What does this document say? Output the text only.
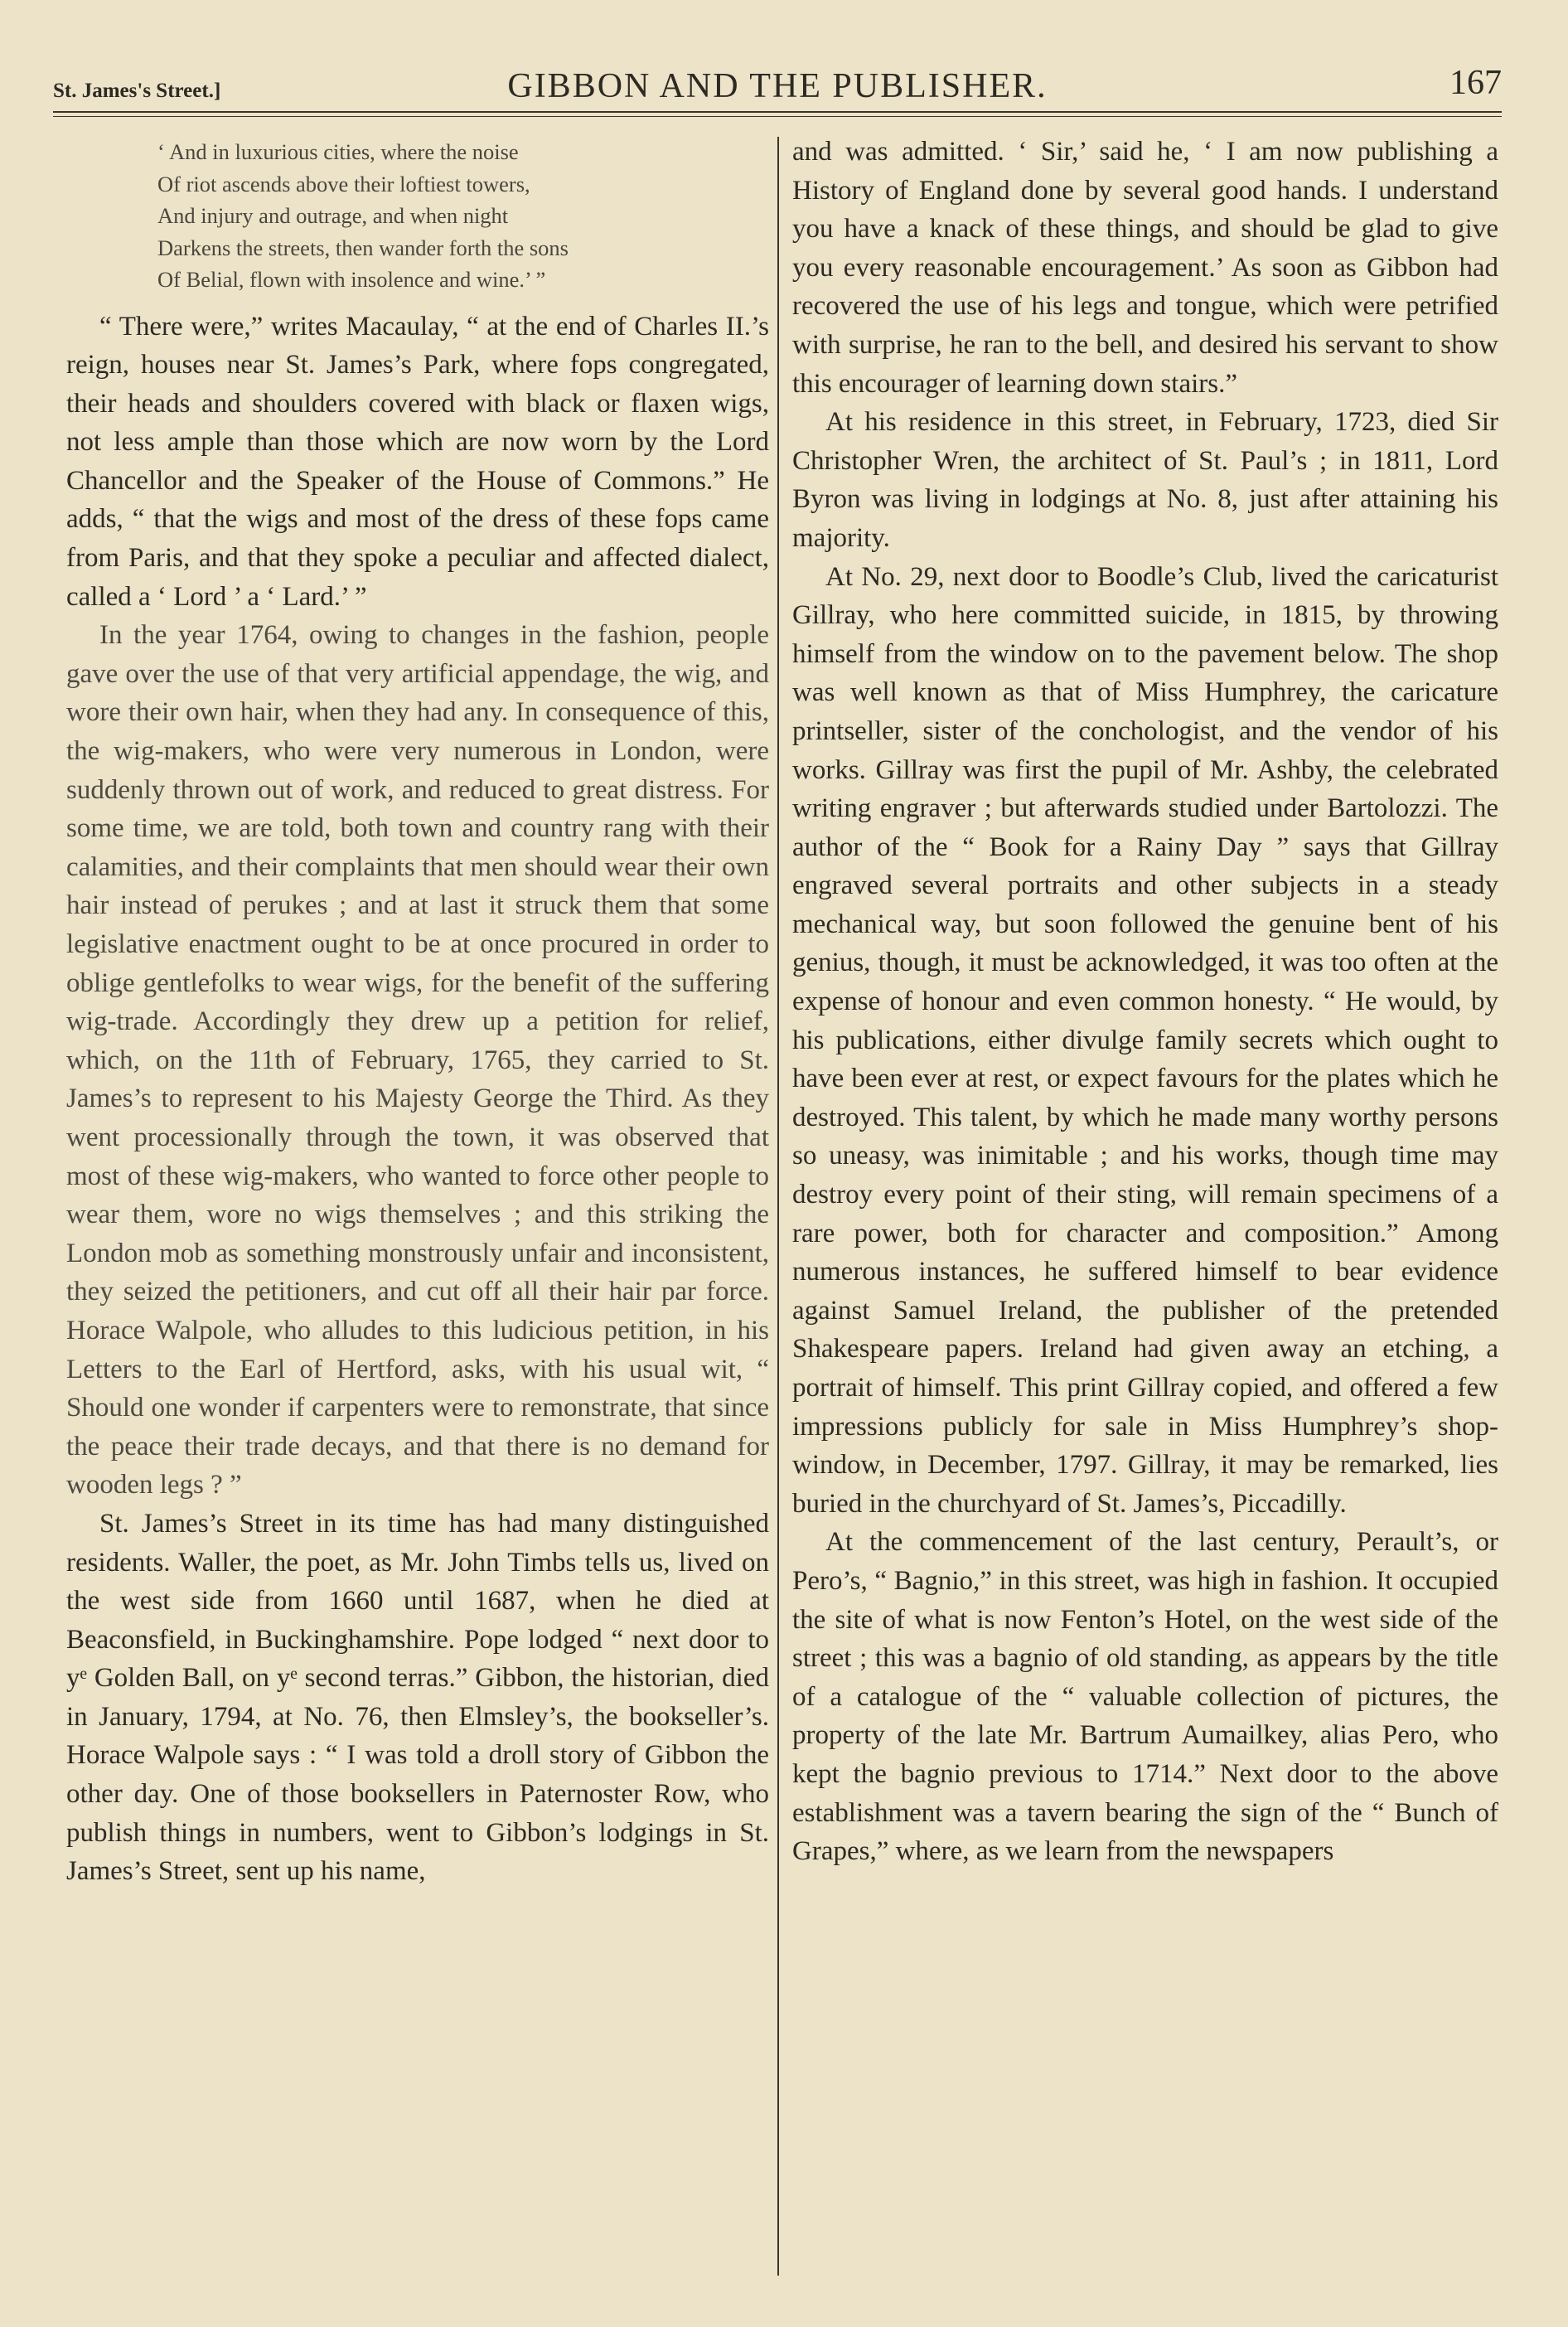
St. James's Street.]	GIBBON AND THE PUBLISHER.	167
‘ And in luxurious cities, where the noise
Of riot ascends above their loftiest towers,
And injury and outrage, and when night
Darkens the streets, then wander forth the sons
Of Belial, flown with insolence and wine.’ ”

“ There were,” writes Macaulay, “ at the end of Charles II.’s reign, houses near St. James’s Park, where fops congregated, their heads and shoulders covered with black or flaxen wigs, not less ample than those which are now worn by the Lord Chancellor and the Speaker of the House of Commons.” He adds, “ that the wigs and most of the dress of these fops came from Paris, and that they spoke a peculiar and affected dialect, called a ‘ Lord ’ a ‘ Lard.’ ”

In the year 1764, owing to changes in the fashion, people gave over the use of that very artificial appendage, the wig, and wore their own hair, when they had any. In consequence of this, the wig-makers, who were very numerous in London, were suddenly thrown out of work, and reduced to great distress. For some time, we are told, both town and country rang with their calamities, and their complaints that men should wear their own hair instead of perukes ; and at last it struck them that some legislative enactment ought to be at once procured in order to oblige gentlefolks to wear wigs, for the benefit of the suffering wig-trade. Accordingly they drew up a petition for relief, which, on the 11th of February, 1765, they carried to St. James’s to represent to his Majesty George the Third. As they went processionally through the town, it was observed that most of these wig-makers, who wanted to force other people to wear them, wore no wigs themselves ; and this striking the London mob as something monstrously unfair and inconsistent, they seized the petitioners, and cut off all their hair par force. Horace Walpole, who alludes to this ludicious petition, in his Letters to the Earl of Hertford, asks, with his usual wit, “ Should one wonder if carpenters were to remonstrate, that since the peace their trade decays, and that there is no demand for wooden legs ? ”

St. James’s Street in its time has had many distinguished residents. Waller, the poet, as Mr. John Timbs tells us, lived on the west side from 1660 until 1687, when he died at Beaconsfield, in Buckinghamshire. Pope lodged “ next door to yᵉ Golden Ball, on yᵉ second terras.” Gibbon, the historian, died in January, 1794, at No. 76, then Elmsley’s, the bookseller’s. Horace Walpole says : “ I was told a droll story of Gibbon the other day. One of those booksellers in Paternoster Row, who publish things in numbers, went to Gibbon’s lodgings in St. James’s Street, sent up his name,

and was admitted. ‘ Sir,’ said he, ‘ I am now publishing a History of England done by several good hands. I understand you have a knack of these things, and should be glad to give you every reasonable encouragement.’ As soon as Gibbon had recovered the use of his legs and tongue, which were petrified with surprise, he ran to the bell, and desired his servant to show this encourager of learning down stairs.”

At his residence in this street, in February, 1723, died Sir Christopher Wren, the architect of St. Paul’s ; in 1811, Lord Byron was living in lodgings at No. 8, just after attaining his majority.

At No. 29, next door to Boodle’s Club, lived the caricaturist Gillray, who here committed suicide, in 1815, by throwing himself from the window on to the pavement below. The shop was well known as that of Miss Humphrey, the caricature printseller, sister of the conchologist, and the vendor of his works. Gillray was first the pupil of Mr. Ashby, the celebrated writing engraver ; but afterwards studied under Bartolozzi. The author of the “ Book for a Rainy Day ” says that Gillray engraved several portraits and other subjects in a steady mechanical way, but soon followed the genuine bent of his genius, though, it must be acknowledged, it was too often at the expense of honour and even common honesty. “ He would, by his publications, either divulge family secrets which ought to have been ever at rest, or expect favours for the plates which he destroyed. This talent, by which he made many worthy persons so uneasy, was inimitable ; and his works, though time may destroy every point of their sting, will remain specimens of a rare power, both for character and composition.” Among numerous instances, he suffered himself to bear evidence against Samuel Ireland, the publisher of the pretended Shakespeare papers. Ireland had given away an etching, a portrait of himself. This print Gillray copied, and offered a few impressions publicly for sale in Miss Humphrey’s shop-window, in December, 1797. Gillray, it may be remarked, lies buried in the churchyard of St. James’s, Piccadilly.

At the commencement of the last century, Perault’s, or Pero’s, “ Bagnio,” in this street, was high in fashion. It occupied the site of what is now Fenton’s Hotel, on the west side of the street ; this was a bagnio of old standing, as appears by the title of a catalogue of the “ valuable collection of pictures, the property of the late Mr. Bartrum Aumailkey, alias Pero, who kept the bagnio previous to 1714.” Next door to the above establishment was a tavern bearing the sign of the “ Bunch of Grapes,” where, as we learn from the newspapers
